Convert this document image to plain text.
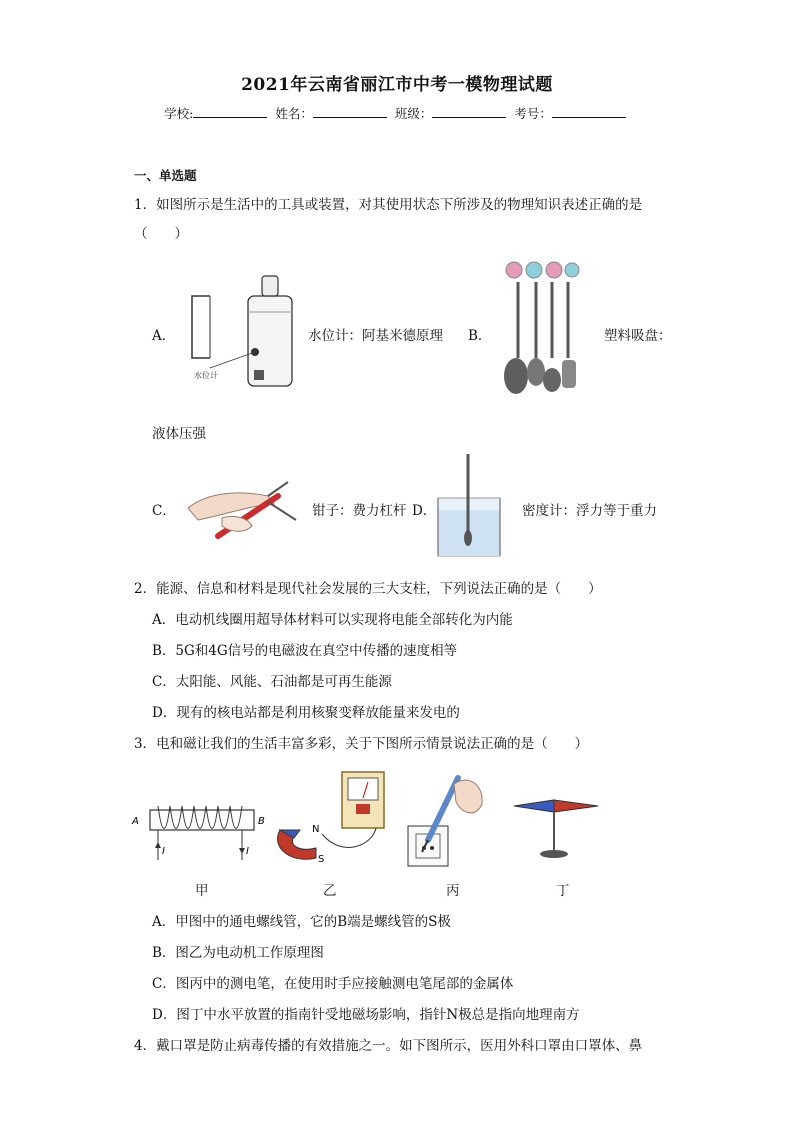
2021年云南省丽江市中考一模物理试题
学校:	姓名：	班级：	考号：
一、单选题
1．如图所示是生活中的工具或装置，对其使用状态下所涉及的物理知识表述正确的是
（　　）
A．
水位计
水位计：阿基米德原理 B．	塑料吸盘：
液体压强
C．	钳子：费力杠杆 D．	密度计：浮力等于重力
2．能源、信息和材料是现代社会发展的三大支柱，下列说法正确的是（　　）
A．电动机线圈用超导体材料可以实现将电能全部转化为内能
B．5G和4G信号的电磁波在真空中传播的速度相等
C．太阳能、风能、石油都是可再生能源
D．现有的核电站都是利用核聚变释放能量来发电的
3．电和磁让我们的生活丰富多彩，关于下图所示情景说法正确的是（　　）
A	B
I	I
N
S
甲	乙	丙	丁
A．甲图中的通电螺线管，它的B端是螺线管的S极
B．图乙为电动机工作原理图
C．图丙中的测电笔，在使用时手应接触测电笔尾部的金属体
D．图丁中水平放置的指南针受地磁场影响，指针N极总是指向地理南方
4．戴口罩是防止病毒传播的有效措施之一。如下图所示，医用外科口罩由口罩体、鼻
